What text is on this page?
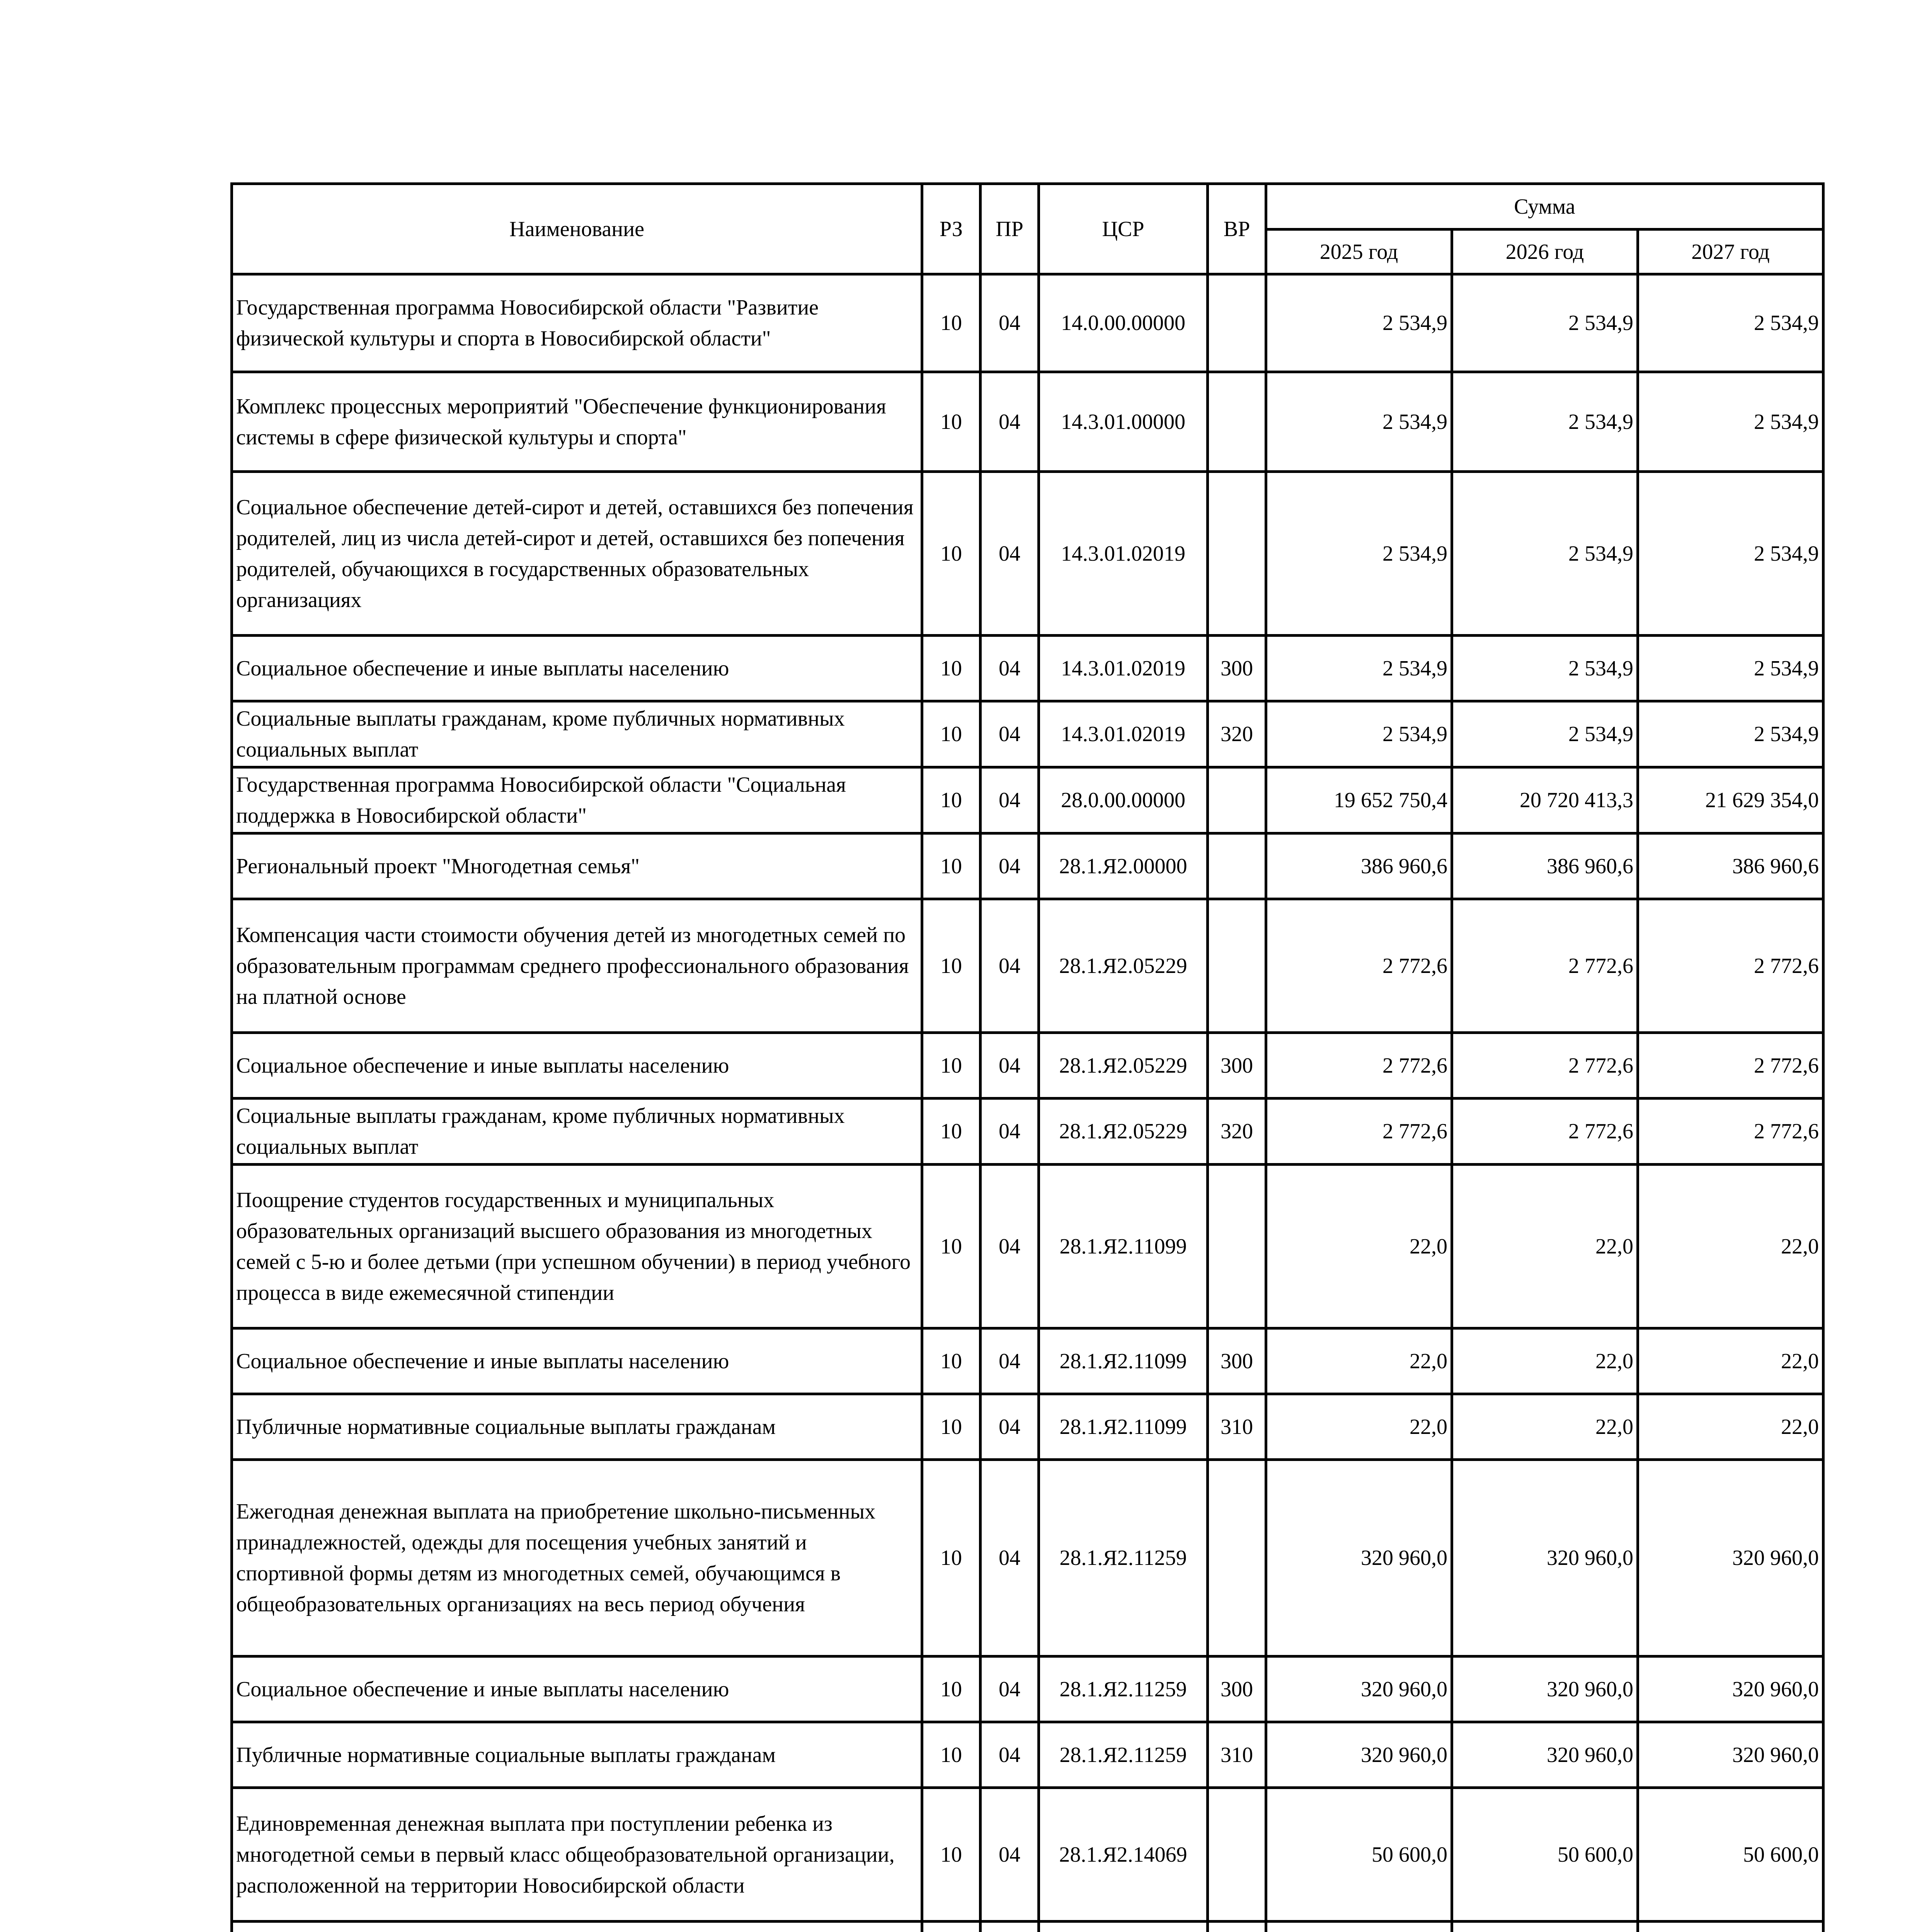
Наименование	РЗ	ПР	ЦСР	ВР	Сумма		
					2025 год	2026 год	2027 год
Государственная программа Новосибирской области "Развитие физической культуры и спорта в Новосибирской области"	10	04	14.0.00.00000		2 534,9	2 534,9	2 534,9
Комплекс процессных мероприятий "Обеспечение функционирования системы в сфере физической культуры и спорта"	10	04	14.3.01.00000		2 534,9	2 534,9	2 534,9
Социальное обеспечение детей-сирот и детей, оставшихся без попечения родителей, лиц из числа детей-сирот и детей, оставшихся без попечения родителей, обучающихся в государственных образовательных организациях	10	04	14.3.01.02019		2 534,9	2 534,9	2 534,9
Социальное обеспечение и иные выплаты населению	10	04	14.3.01.02019	300	2 534,9	2 534,9	2 534,9
Социальные выплаты гражданам, кроме публичных нормативных социальных выплат	10	04	14.3.01.02019	320	2 534,9	2 534,9	2 534,9
Государственная программа Новосибирской области "Социальная поддержка в Новосибирской области"	10	04	28.0.00.00000		19 652 750,4	20 720 413,3	21 629 354,0
Региональный проект "Многодетная семья"	10	04	28.1.Я2.00000		386 960,6	386 960,6	386 960,6
Компенсация части стоимости обучения детей из многодетных семей по образовательным программам среднего профессионального образования на платной основе	10	04	28.1.Я2.05229		2 772,6	2 772,6	2 772,6
Социальное обеспечение и иные выплаты населению	10	04	28.1.Я2.05229	300	2 772,6	2 772,6	2 772,6
Социальные выплаты гражданам, кроме публичных нормативных социальных выплат	10	04	28.1.Я2.05229	320	2 772,6	2 772,6	2 772,6
Поощрение студентов государственных и муниципальных образовательных организаций высшего образования из многодетных семей с 5-ю и более детьми (при успешном обучении) в период учебного процесса в виде ежемесячной стипендии	10	04	28.1.Я2.11099		22,0	22,0	22,0
Социальное обеспечение и иные выплаты населению	10	04	28.1.Я2.11099	300	22,0	22,0	22,0
Публичные нормативные социальные выплаты гражданам	10	04	28.1.Я2.11099	310	22,0	22,0	22,0
Ежегодная денежная выплата на приобретение школьно-письменных принадлежностей, одежды для посещения учебных занятий и спортивной формы детям из многодетных семей, обучающимся в общеобразовательных организациях на весь период обучения	10	04	28.1.Я2.11259		320 960,0	320 960,0	320 960,0
Социальное обеспечение и иные выплаты населению	10	04	28.1.Я2.11259	300	320 960,0	320 960,0	320 960,0
Публичные нормативные социальные выплаты гражданам	10	04	28.1.Я2.11259	310	320 960,0	320 960,0	320 960,0
Единовременная денежная выплата при поступлении ребенка из многодетной семьи в первый класс общеобразовательной организации, расположенной на территории Новосибирской области	10	04	28.1.Я2.14069		50 600,0	50 600,0	50 600,0
